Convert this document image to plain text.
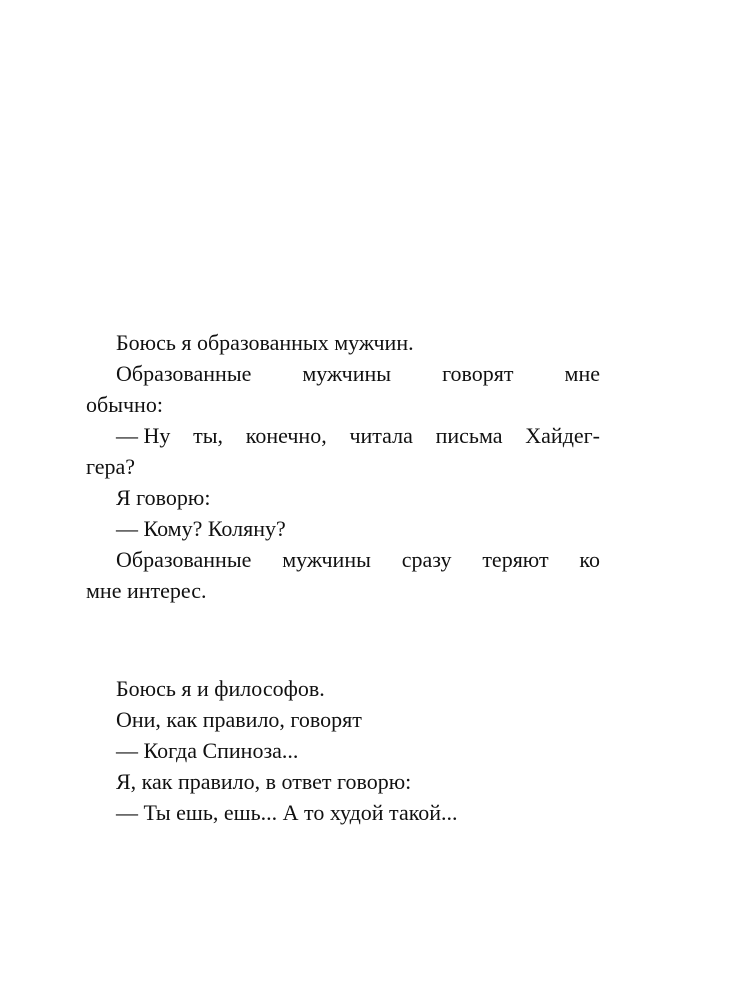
Боюсь я образованных мужчин.
Образованные мужчины говорят мне
обычно:
— Ну ты, конечно, читала письма Хайдег-
гера?
Я говорю:
— Кому? Коляну?
Образованные мужчины сразу теряют ко
мне интерес.
Боюсь я и философов.
Они, как правило, говорят
— Когда Спиноза...
Я, как правило, в ответ говорю:
— Ты ешь, ешь... А то худой такой...
